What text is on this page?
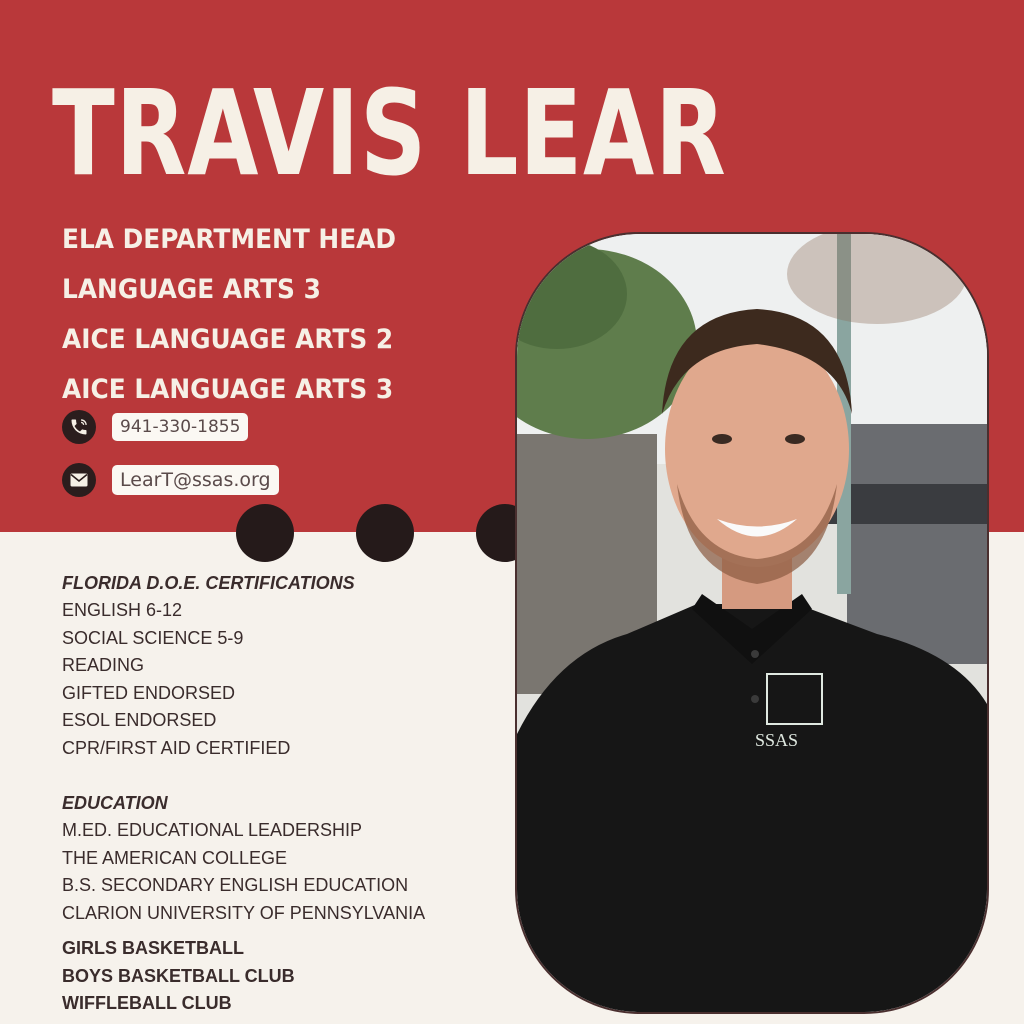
TRAVIS LEAR
ELA DEPARTMENT HEAD
LANGUAGE ARTS 3
AICE LANGUAGE ARTS 2
AICE LANGUAGE ARTS 3
941-330-1855
LearT@ssas.org
SSAS
FLORIDA D.O.E. CERTIFICATIONS
ENGLISH 6-12
SOCIAL SCIENCE 5-9
READING
GIFTED ENDORSED
ESOL ENDORSED
CPR/FIRST AID CERTIFIED
EDUCATION
M.ED. EDUCATIONAL LEADERSHIP
THE AMERICAN COLLEGE
B.S. SECONDARY ENGLISH EDUCATION
CLARION UNIVERSITY OF PENNSYLVANIA
GIRLS BASKETBALL
BOYS BASKETBALL CLUB
WIFFLEBALL CLUB
